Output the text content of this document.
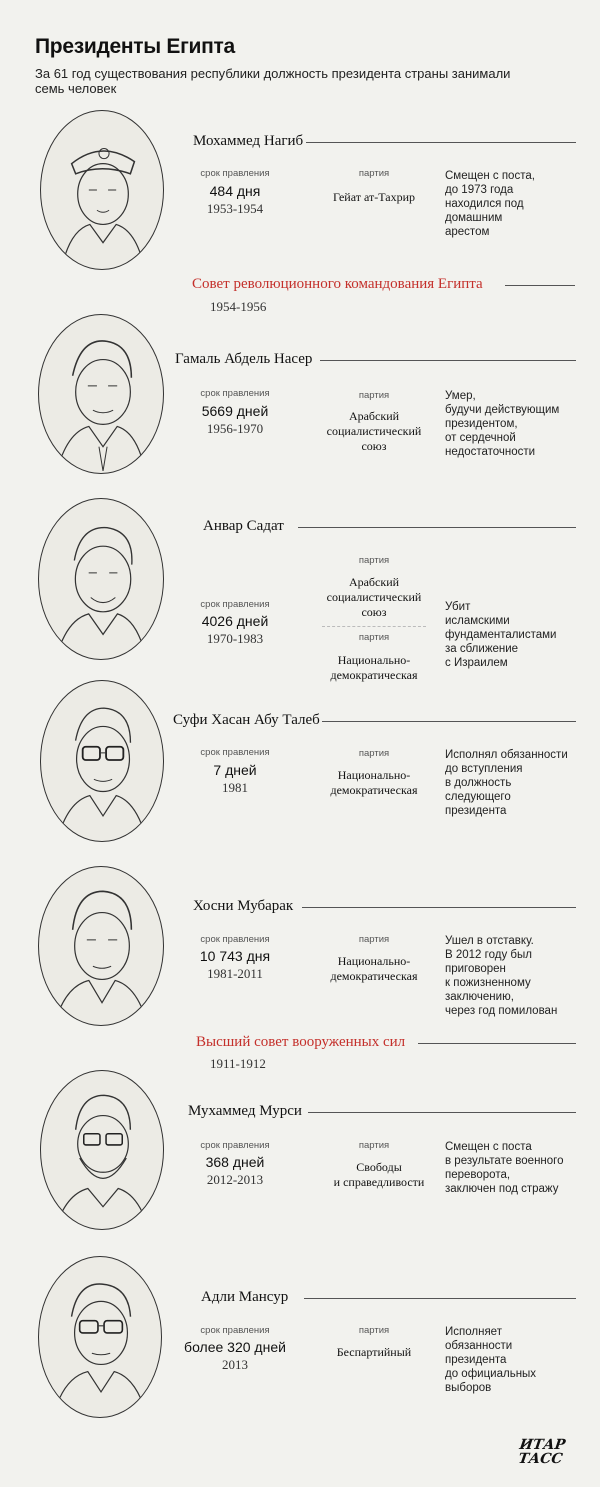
Президенты Египта
За 61 год существования республики должность президента страны занимали семь человек
Мохаммед Нагиб
срок правления
484 дня
1953-1954
партия
Гейат ат-Тахрир
Смещен с поста,
до 1973 года
находился под
домашним
арестом
Совет революционного командования Египта
1954-1956
Гамаль Абдель Насер
срок правления
5669 дней
1956-1970
партия
Арабский
социалистический
союз
Умер,
будучи действующим
президентом,
от сердечной
недостаточности
Анвар Садат
срок правления
4026 дней
1970-1983
партия
Арабский
социалистический
союз
партия
Национально-
демократическая
Убит
исламскими
фундаменталистами
за сближение
с Израилем
Суфи Хасан Абу Талеб
срок правления
7 дней
1981
партия
Национально-
демократическая
Исполнял обязанности
до вступления
в должность
следующего
президента
Хосни Мубарак
срок правления
10 743 дня
1981-2011
партия
Национально-
демократическая
Ушел в отставку.
В 2012 году был
приговорен
к пожизненному
заключению,
через год помилован
Высший совет вооруженных сил
1911-1912
Мухаммед Мурси
срок правления
368 дней
2012-2013
партия
Свободы
и справедливости
Смещен с поста
в результате военного
переворота,
заключен под стражу
Адли Мансур
срок правления
более 320 дней
2013
партия
Беспартийный
Исполняет
обязанности
президента
до официальных
выборов
ИТАР
ТАСС
